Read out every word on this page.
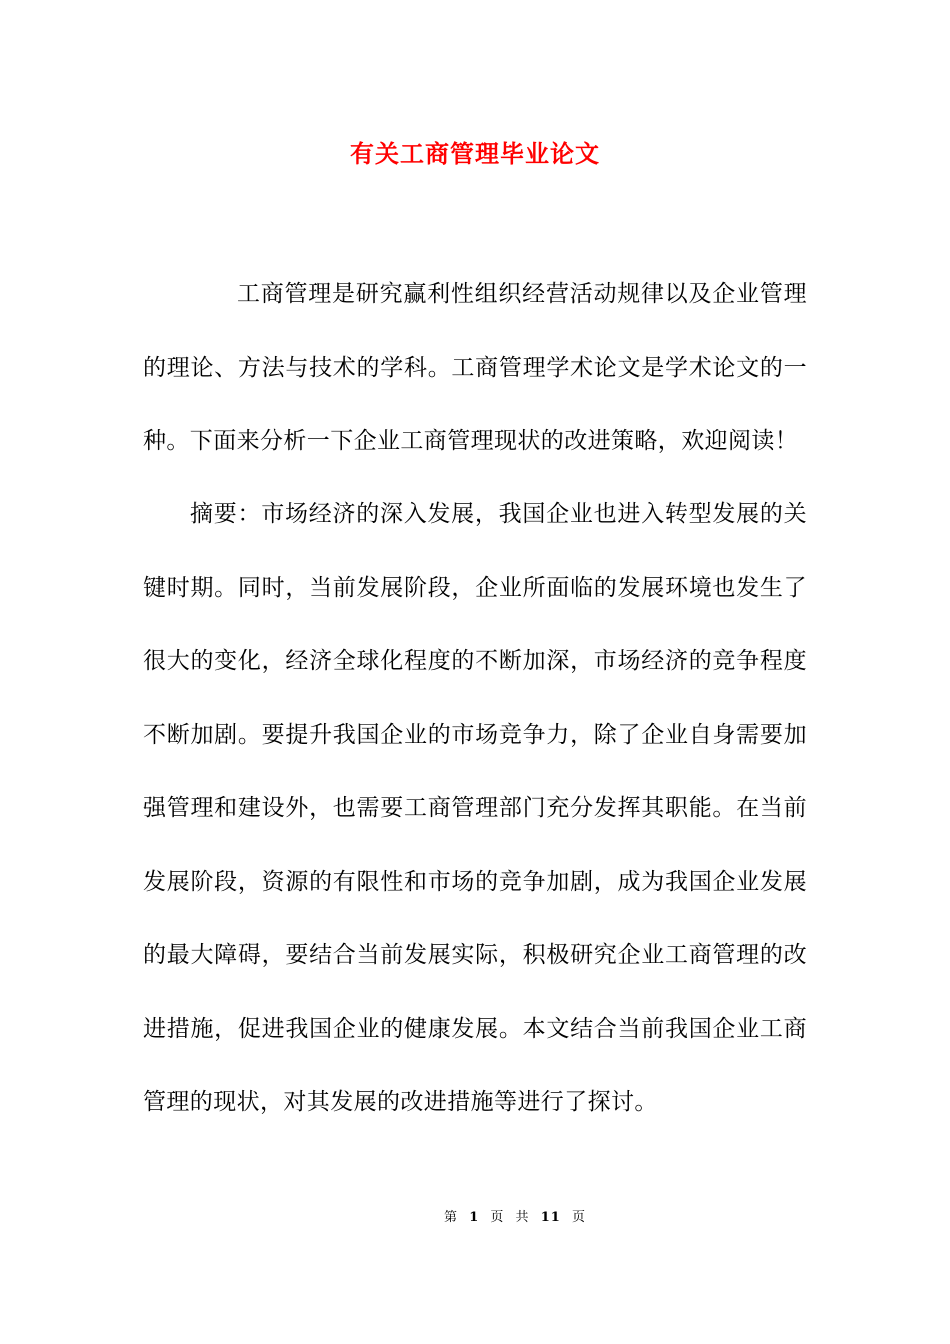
有关工商管理毕业论文

工商管理是研究赢利性组织经营活动规律以及企业管理的理论、方法与技术的学科。工商管理学术论文是学术论文的一种。下面来分析一下企业工商管理现状的改进策略，欢迎阅读！

摘要：市场经济的深入发展，我国企业也进入转型发展的关键时期。同时，当前发展阶段，企业所面临的发展环境也发生了很大的变化，经济全球化程度的不断加深，市场经济的竞争程度不断加剧。要提升我国企业的市场竞争力，除了企业自身需要加强管理和建设外，也需要工商管理部门充分发挥其职能。在当前发展阶段，资源的有限性和市场的竞争加剧，成为我国企业发展的最大障碍，要结合当前发展实际，积极研究企业工商管理的改进措施，促进我国企业的健康发展。本文结合当前我国企业工商管理的现状，对其发展的改进措施等进行了探讨。

第 1 页 共 11 页
